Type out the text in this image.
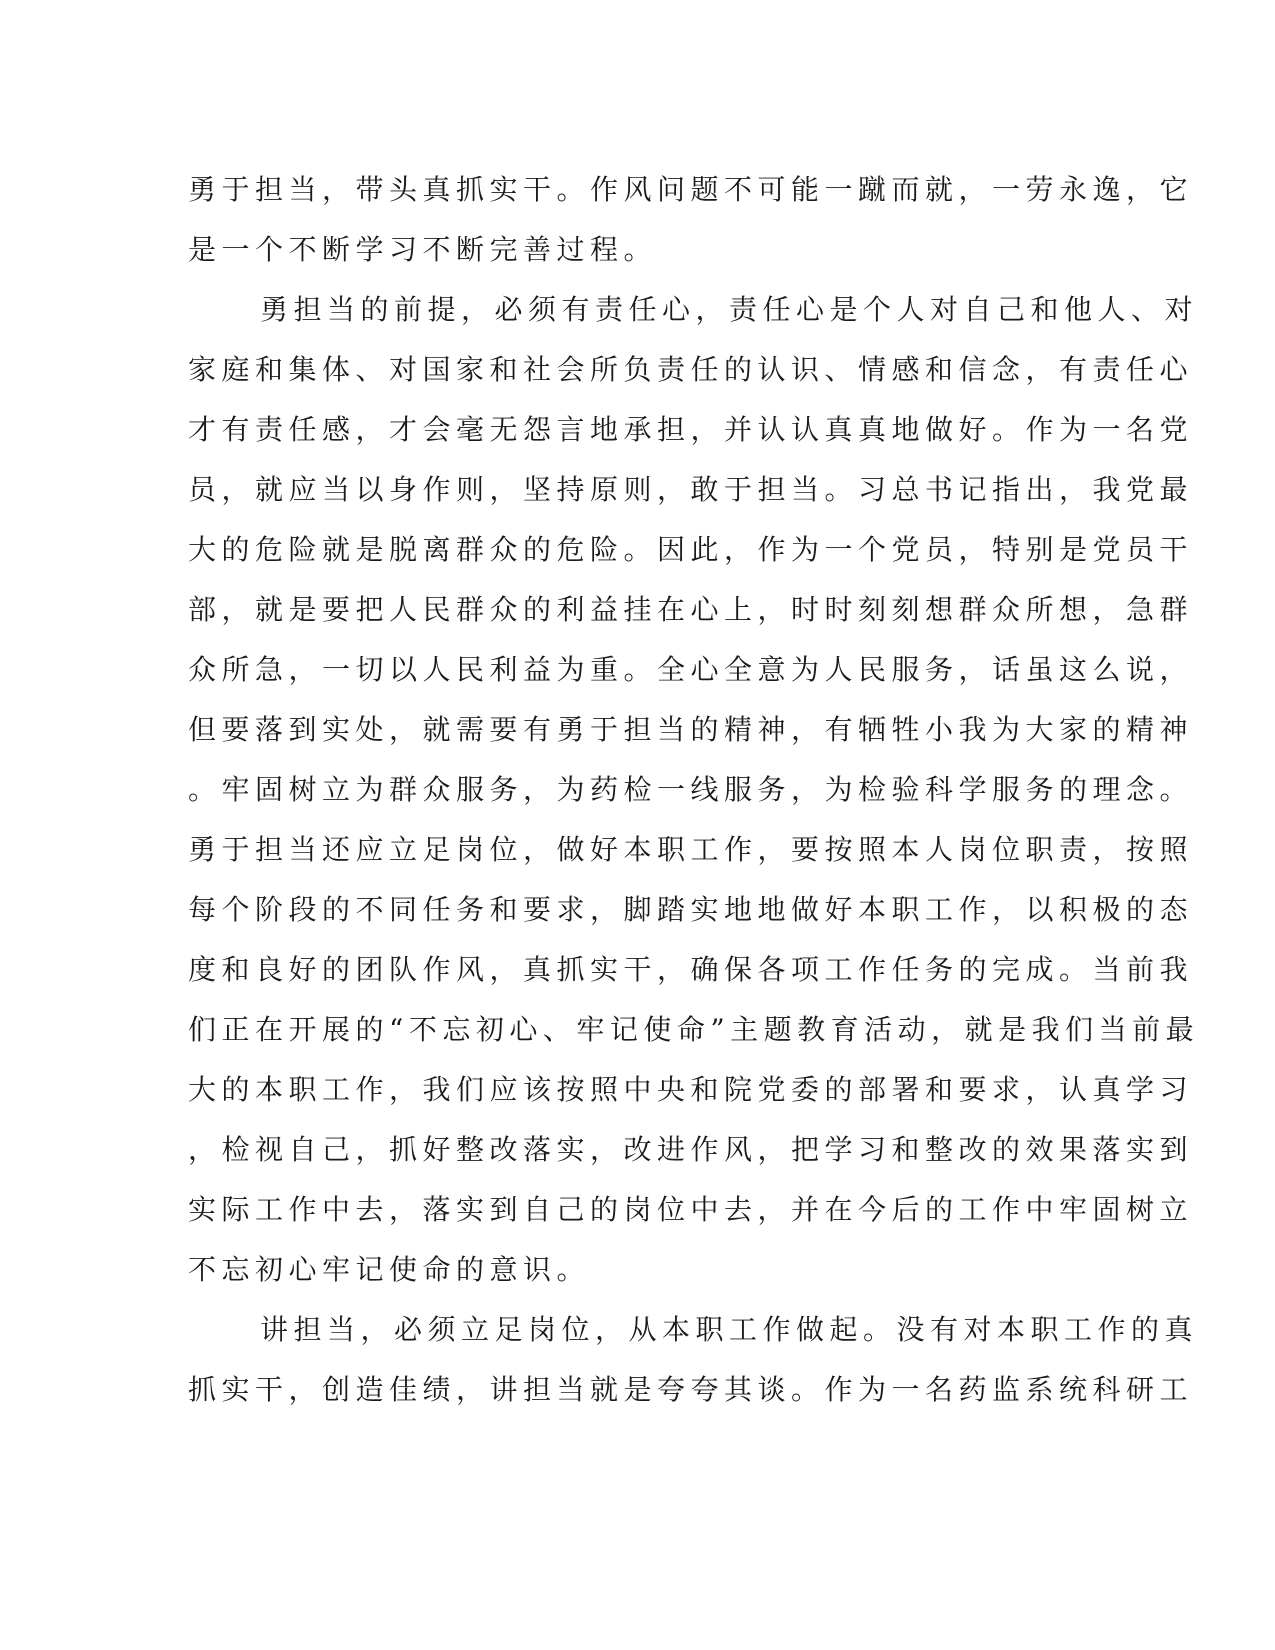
勇于担当，带头真抓实干。作风问题不可能一蹴而就，一劳永逸，它

是一个不断学习不断完善过程。

勇担当的前提，必须有责任心，责任心是个人对自己和他人、对

家庭和集体、对国家和社会所负责任的认识、情感和信念，有责任心

才有责任感，才会毫无怨言地承担，并认认真真地做好。作为一名党

员，就应当以身作则，坚持原则，敢于担当。习总书记指出，我党最

大的危险就是脱离群众的危险。因此，作为一个党员，特别是党员干

部，就是要把人民群众的利益挂在心上，时时刻刻想群众所想，急群

众所急，一切以人民利益为重。全心全意为人民服务，话虽这么说，

但要落到实处，就需要有勇于担当的精神，有牺牲小我为大家的精神

。牢固树立为群众服务，为药检一线服务，为检验科学服务的理念。

勇于担当还应立足岗位，做好本职工作，要按照本人岗位职责，按照

每个阶段的不同任务和要求，脚踏实地地做好本职工作，以积极的态

度和良好的团队作风，真抓实干，确保各项工作任务的完成。当前我

们正在开展的“不忘初心、牢记使命”主题教育活动，就是我们当前最

大的本职工作，我们应该按照中央和院党委的部署和要求，认真学习

，检视自己，抓好整改落实，改进作风，把学习和整改的效果落实到

实际工作中去，落实到自己的岗位中去，并在今后的工作中牢固树立

不忘初心牢记使命的意识。

讲担当，必须立足岗位，从本职工作做起。没有对本职工作的真

抓实干，创造佳绩，讲担当就是夸夸其谈。作为一名药监系统科研工
